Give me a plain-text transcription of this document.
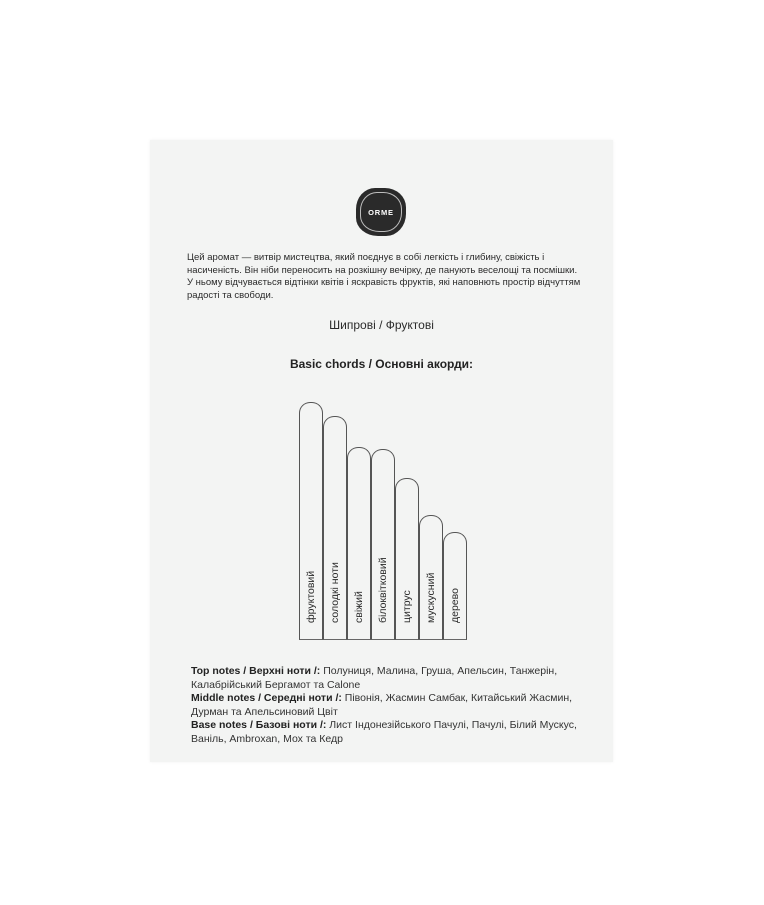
ORME

Цей аромат — витвір мистецтва, який поєднує в собі легкість і глибину, свіжість і

насиченість. Він ніби переносить на розкішну вечірку, де панують веселощі та посмішки.

У ньому відчувається відтінки квітів і яскравість фруктів, які наповнють простір відчуттям

радості та свободи.

Шипрові / Фруктові
Basic chords / Основні акорди:
фруктовий солодкі ноти свіжий білоквітковий цитрус мускусний дерево

Top notes / Верхні ноти /: Полуниця, Малина, Груша, Апельсин, Танжерін, Калабрійський Бергамот та Calone

Middle notes / Середні ноти /: Півонія, Жасмин Самбак, Китайський Жасмин, Дурман та Апельсиновий Цвіт

Base notes / Базові ноти /: Лист Індонезійського Пачулі, Пачулі, Білий Мускус, Ваніль, Ambroxan, Мох та Кедр
